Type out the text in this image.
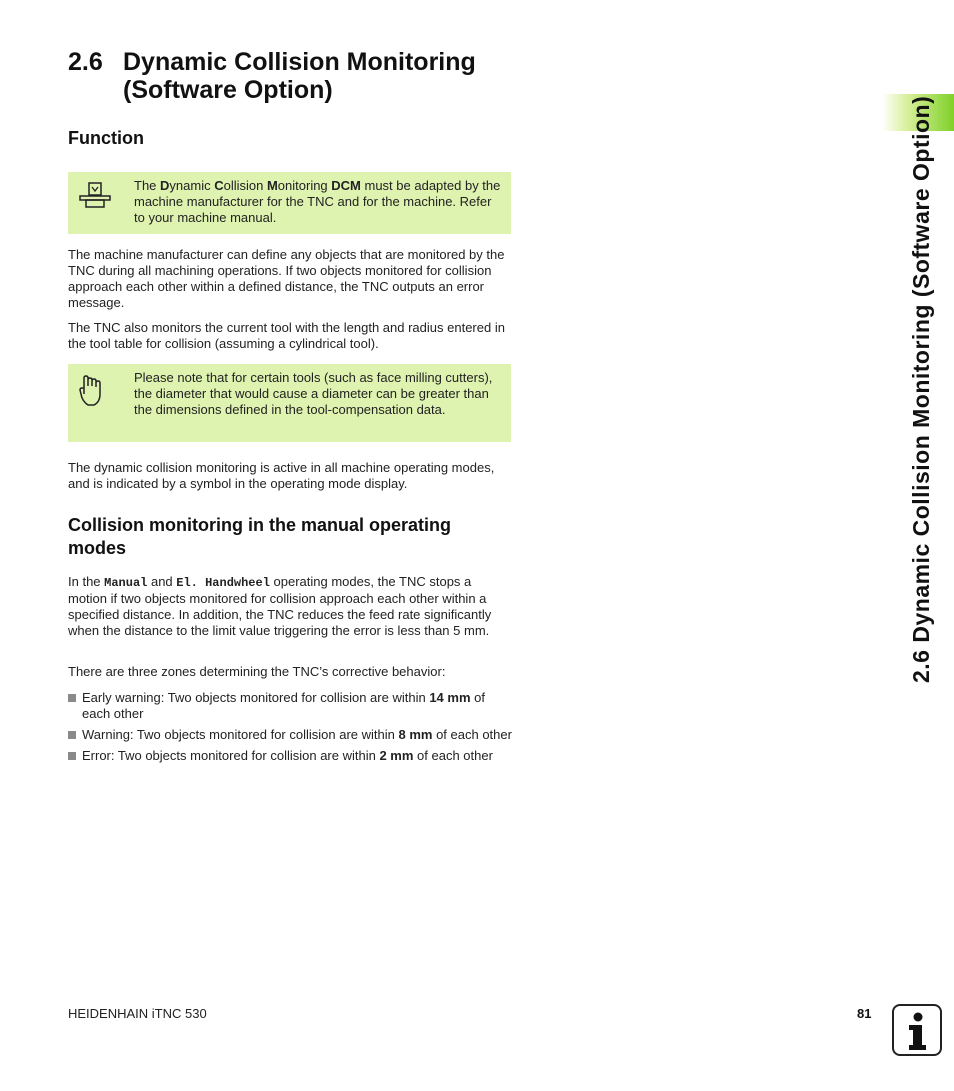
2.6 Dynamic Collision Monitoring
(Software Option)
2.6 Dynamic Collision Monitoring (Software Option)
Function
The Dynamic Collision Monitoring DCM must be adapted by the machine manufacturer for the TNC and for the machine. Refer to your machine manual.

The machine manufacturer can define any objects that are monitored by the TNC during all machining operations. If two objects monitored for collision approach each other within a defined distance, the TNC outputs an error message.

The TNC also monitors the current tool with the length and radius entered in the tool table for collision (assuming a cylindrical tool).

Please note that for certain tools (such as face milling cutters), the diameter that would cause a diameter can be greater than the dimensions defined in the tool-compensation data.

The dynamic collision monitoring is active in all machine operating modes, and is indicated by a symbol in the operating mode display.

Collision monitoring in the manual operating modes

In the Manual and El. Handwheel operating modes, the TNC stops a motion if two objects monitored for collision approach each other within a specified distance. In addition, the TNC reduces the feed rate significantly when the distance to the limit value triggering the error is less than 5 mm.

There are three zones determining the TNC’s corrective behavior:

Early warning: Two objects monitored for collision are within 14 mm of each other
Warning: Two objects monitored for collision are within 8 mm of each other
Error: Two objects monitored for collision are within 2 mm of each other
HEIDENHAIN iTNC 530	81
